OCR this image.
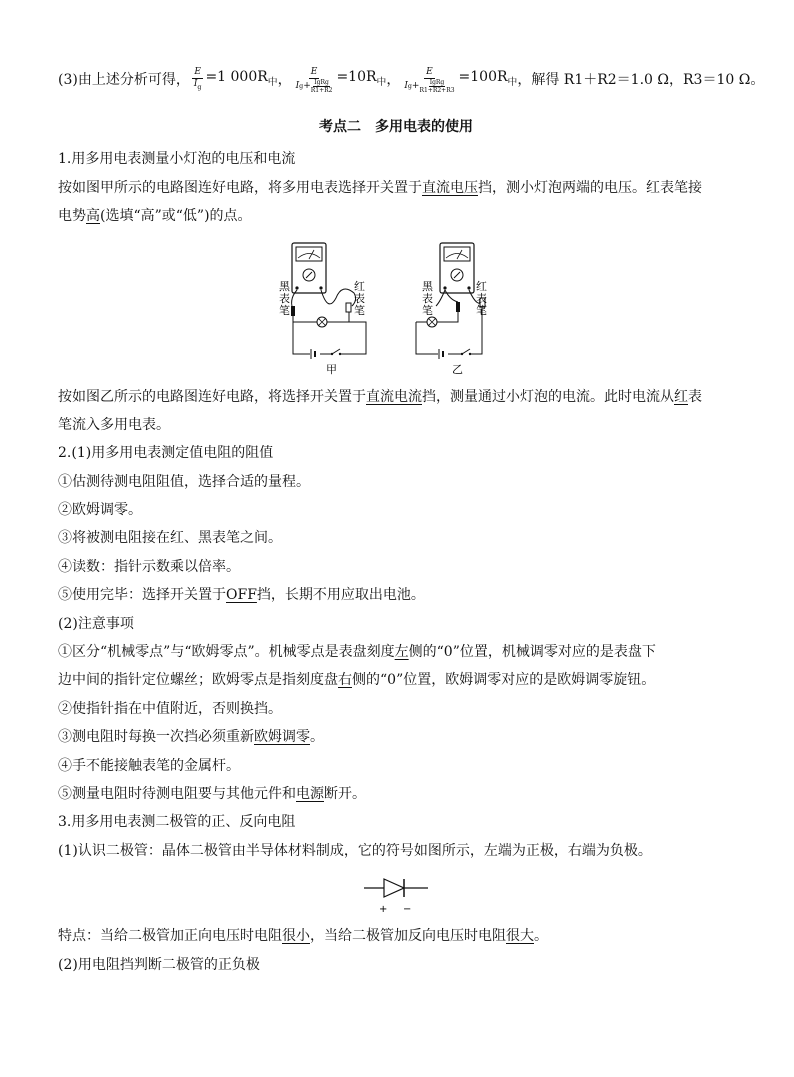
(3)由上述分析可得， $\frac{E}{I_g} =1$ $000R_中$ ， E
I g + IgRg
$R1+R2 =10R_中$ ， E
I g + IgRg
$R1+R2+R3 =100R_中$ ，解得 R1＋R2＝1.0 Ω，R3＝10 Ω。
考点二　多用电表的使用
1.用多用电表测量小灯泡的电压和电流
按如图甲所示的电路图连好电路，将多用电表选择开关置于直流电压挡，测小灯泡两端的电压。红表笔接
电势高(选填“高”或“低”)的点。
黑表笔
红表笔
甲
黑表笔
红表笔
乙
按如图乙所示的电路图连好电路，将选择开关置于直流电流挡，测量通过小灯泡的电流。此时电流从红表
笔流入多用电表。
2.(1)用多用电表测定值电阻的阻值
①估测待测电阻阻值，选择合适的量程。
②欧姆调零。
③将被测电阻接在红、黑表笔之间。
④读数：指针示数乘以倍率。
⑤使用完毕：选择开关置于OFF挡，长期不用应取出电池。
(2)注意事项
①区分“机械零点”与“欧姆零点”。机械零点是表盘刻度左侧的“0”位置，机械调零对应的是表盘下
边中间的指针定位螺丝；欧姆零点是指刻度盘右侧的“0”位置，欧姆调零对应的是欧姆调零旋钮。
②使指针指在中值附近，否则换挡。
③测电阻时每换一次挡必须重新欧姆调零。
④手不能接触表笔的金属杆。
⑤测量电阻时待测电阻要与其他元件和电源断开。
3.用多用电表测二极管的正、反向电阻
(1)认识二极管：晶体二极管由半导体材料制成，它的符号如图所示，左端为正极，右端为负极。
+ −
特点：当给二极管加正向电压时电阻很小，当给二极管加反向电压时电阻很大。
(2)用电阻挡判断二极管的正负极
